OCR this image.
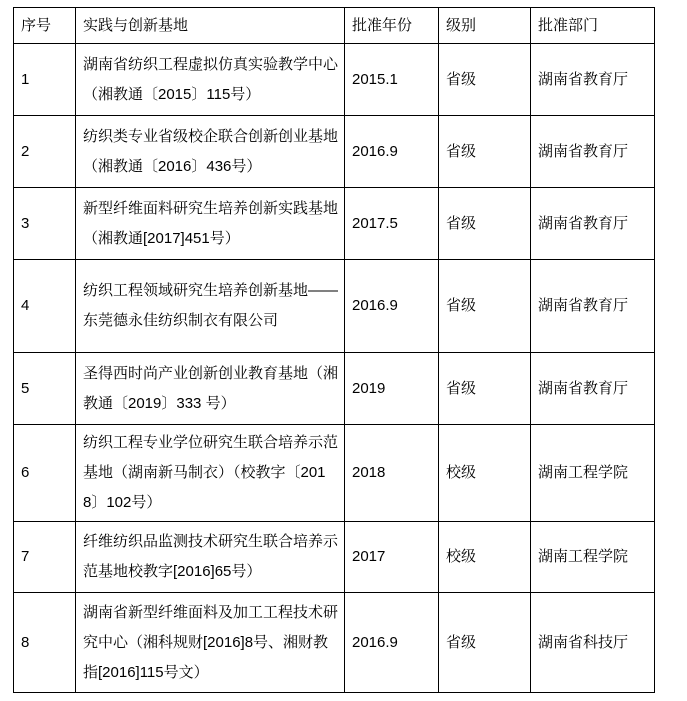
序号	实践与创新基地	批准年份	级别	批准部门
1	湖南省纺织工程虚拟仿真实验教学中心（湘教通〔2015〕115号）	2015.1	省级	湖南省教育厅
2	纺织类专业省级校企联合创新创业基地（湘教通〔2016〕436号）	2016.9	省级	湖南省教育厅
3	新型纤维面料研究生培养创新实践基地（湘教通[2017]451号）	2017.5	省级	湖南省教育厅
4	纺织工程领域研究生培养创新基地——东莞德永佳纺织制衣有限公司	2016.9	省级	湖南省教育厅
5	圣得西时尚产业创新创业教育基地（湘教通〔2019〕333 号）	2019	省级	湖南省教育厅
6	纺织工程专业学位研究生联合培养示范基地（湖南新马制衣）（校教字〔2018〕102号）	2018	校级	湖南工程学院
7	纤维纺织品监测技术研究生联合培养示范基地校教字[2016]65号）	2017	校级	湖南工程学院
8	湖南省新型纤维面料及加工工程技术研究中心（湘科规财[2016]8号、湘财教指[2016]115号文）	2016.9	省级	湖南省科技厅
